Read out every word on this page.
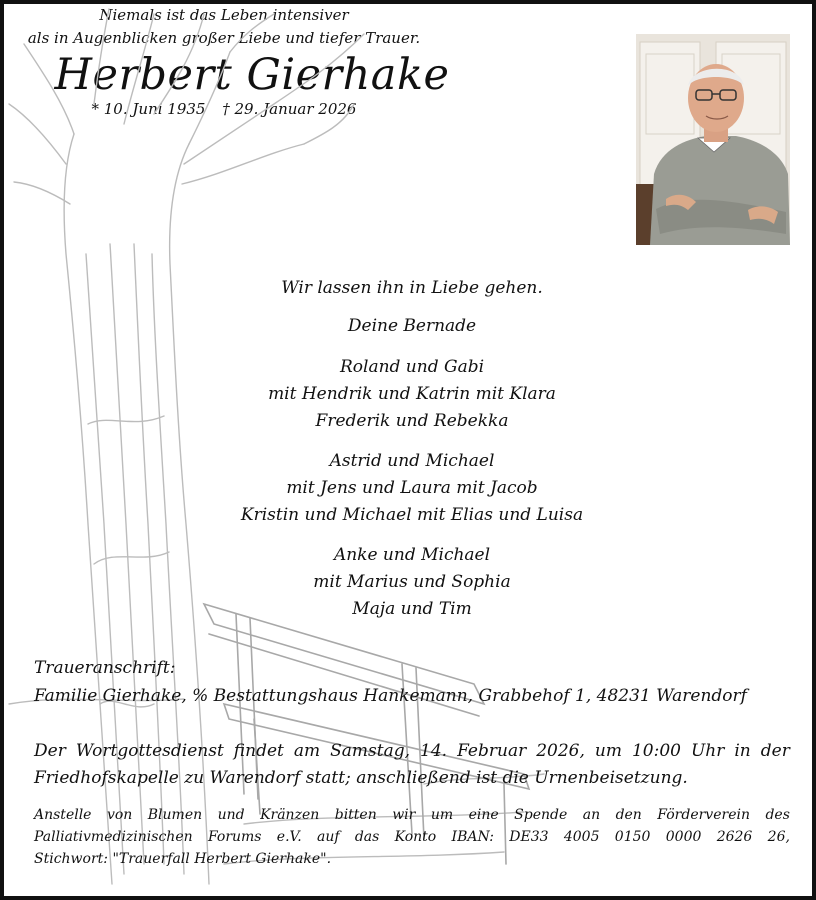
Niemals ist das Leben intensiver
als in Augenblicken großer Liebe und tiefer Trauer.
Herbert Gierhake
* 10. Juni 1935 † 29. Januar 2026
Wir lassen ihn in Liebe gehen.
Deine Bernade
Roland und Gabi
mit Hendrik und Katrin mit Klara
Frederik und Rebekka
Astrid und Michael
mit Jens und Laura mit Jacob
Kristin und Michael mit Elias und Luisa
Anke und Michael
mit Marius und Sophia
Maja und Tim
Traueranschrift:
Familie Gierhake, % Bestattungshaus Hankemann, Grabbehof 1, 48231 Warendorf
Der Wortgottesdienst findet am Samstag, 14. Februar 2026, um 10:00 Uhr in der
Friedhofskapelle zu Warendorf statt; anschließend ist die Urnenbeisetzung.
Anstelle von Blumen und Kränzen bitten wir um eine Spende an den Förderverein des
Palliativmedizinischen Forums e.V. auf das Konto IBAN: DE33 4005 0150 0000 2626 26,
Stichwort: "Trauerfall Herbert Gierhake".
